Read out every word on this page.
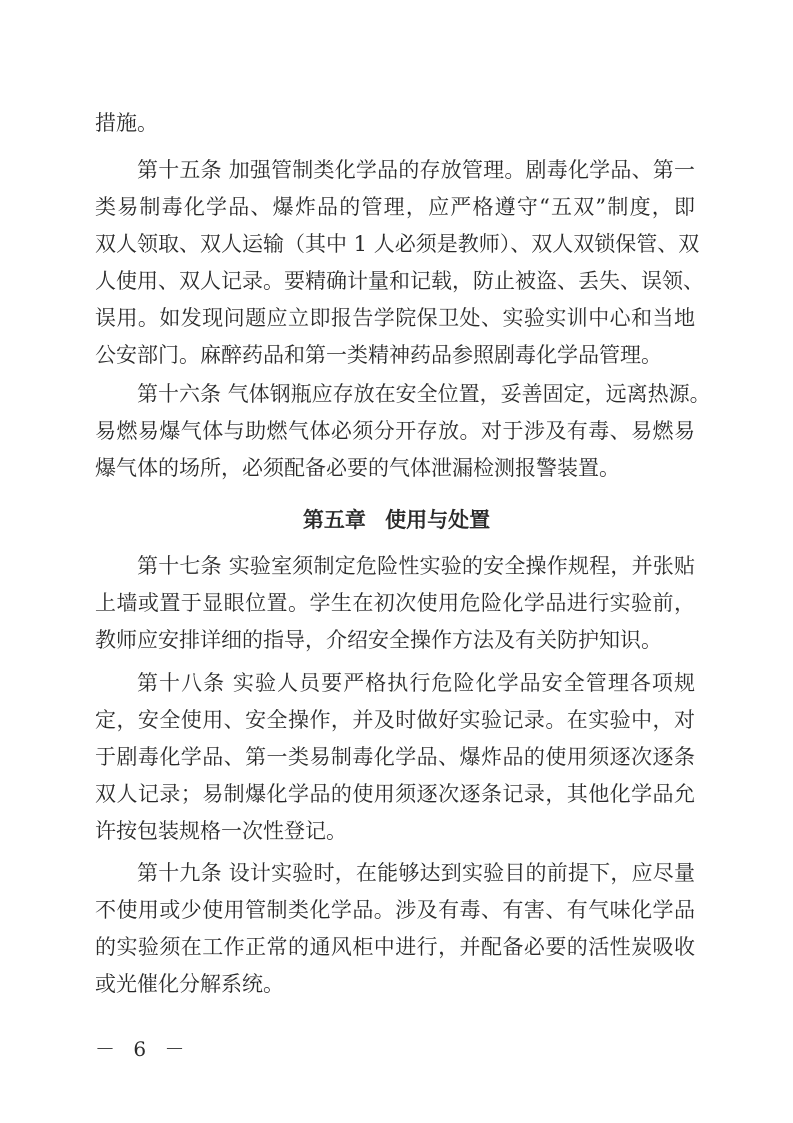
措施。
第十五条 加强管制类化学品的存放管理。剧毒化学品、第一
类易制毒化学品、爆炸品的管理，应严格遵守“五双”制度，即
双人领取、双人运输（其中 1 人必须是教师）、双人双锁保管、双
人使用、双人记录。要精确计量和记载，防止被盗、丢失、误领、
误用。如发现问题应立即报告学院保卫处、实验实训中心和当地
公安部门。麻醉药品和第一类精神药品参照剧毒化学品管理。
第十六条 气体钢瓶应存放在安全位置，妥善固定，远离热源。
易燃易爆气体与助燃气体必须分开存放。对于涉及有毒、易燃易
爆气体的场所，必须配备必要的气体泄漏检测报警装置。
第五章 使用与处置
第十七条 实验室须制定危险性实验的安全操作规程，并张贴
上墙或置于显眼位置。学生在初次使用危险化学品进行实验前，
教师应安排详细的指导，介绍安全操作方法及有关防护知识。
第十八条 实验人员要严格执行危险化学品安全管理各项规
定，安全使用、安全操作，并及时做好实验记录。在实验中，对
于剧毒化学品、第一类易制毒化学品、爆炸品的使用须逐次逐条
双人记录；易制爆化学品的使用须逐次逐条记录，其他化学品允
许按包装规格一次性登记。
第十九条 设计实验时，在能够达到实验目的前提下，应尽量
不使用或少使用管制类化学品。涉及有毒、有害、有气味化学品
的实验须在工作正常的通风柜中进行，并配备必要的活性炭吸收
或光催化分解系统。
－ 6 －
